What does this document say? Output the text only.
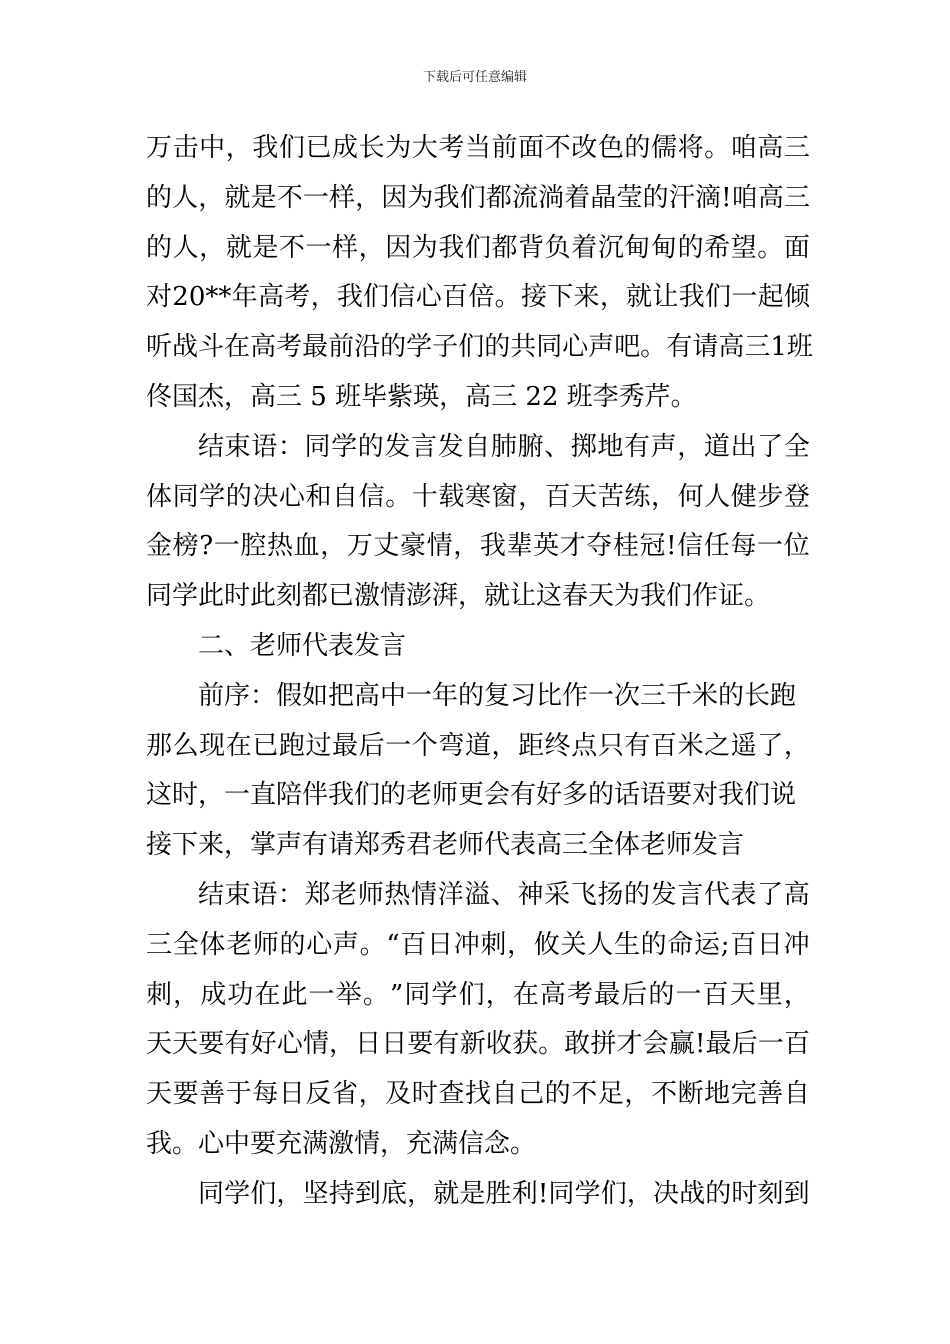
下载后可任意编辑
万 击 中 ， 我 们 已 成 长 为 大 考 当 前 面 不 改 色 的 儒 将 。 咱 高 三
的 人 ， 就 是 不 一 样 ， 因 为 我 们 都 流 淌 着 晶 莹 的 汗 滴 ! 咱 高 三
的 人 ， 就 是 不 一 样 ， 因 为 我 们 都 背 负 着 沉 甸 甸 的 希 望 。 面
对 20** 年 高 考 ， 我 们 信 心 百 倍 。 接 下 来 ， 就 让 我 们 一 起 倾
听 战 斗 在 高 考 最 前 沿 的 学 子 们 的 共 同 心 声 吧 。 有 请 高 三 1 班
佟国杰，高三 5 班毕紫瑛，高三 22 班李秀芹。
结 束 语 ： 同 学 的 发 言 发 自 肺 腑 、 掷 地 有 声 ， 道 出 了 全
体 同 学 的 决 心 和 自 信 。 十 载 寒 窗 ， 百 天 苦 练 ， 何 人 健 步 登
金 榜 ? 一 腔 热 血 ， 万 丈 豪 情 ， 我 辈 英 才 夺 桂 冠 ! 信 任 每 一 位
同学此时此刻都已激情澎湃，就让这春天为我们作证。
二、老师代表发言
前序：假如把高中一年的复习比作一次三千米的长跑
那 么 现 在 已 跑 过 最 后 一 个 弯 道 ， 距 终 点 只 有 百 米 之 遥 了 ，
这时，一直陪伴我们的老师更会有好多的话语要对我们说
接下来，掌声有请郑秀君老师代表高三全体老师发言
结 束 语 ： 郑 老 师 热 情 洋 溢 、 神 采 飞 扬 的 发 言 代 表 了 高
三 全 体 老 师 的 心 声 。 “ 百 日 冲 刺 ， 攸 关 人 生 的 命 运 ; 百 日 冲
刺 ， 成 功 在 此 一 举 。 ” 同 学 们 ， 在 高 考 最 后 的 一 百 天 里 ，
天 天 要 有 好 心 情 ， 日 日 要 有 新 收 获 。 敢 拼 才 会 赢 ! 最 后 一 百
天 要 善 于 每 日 反 省 ， 及 时 查 找 自 己 的 不 足 ， 不 断 地 完 善 自
我。心中要充满激情，充满信念。
同 学 们 ， 坚 持 到 底 ， 就 是 胜 利 ! 同 学 们 ， 决 战 的 时 刻 到
